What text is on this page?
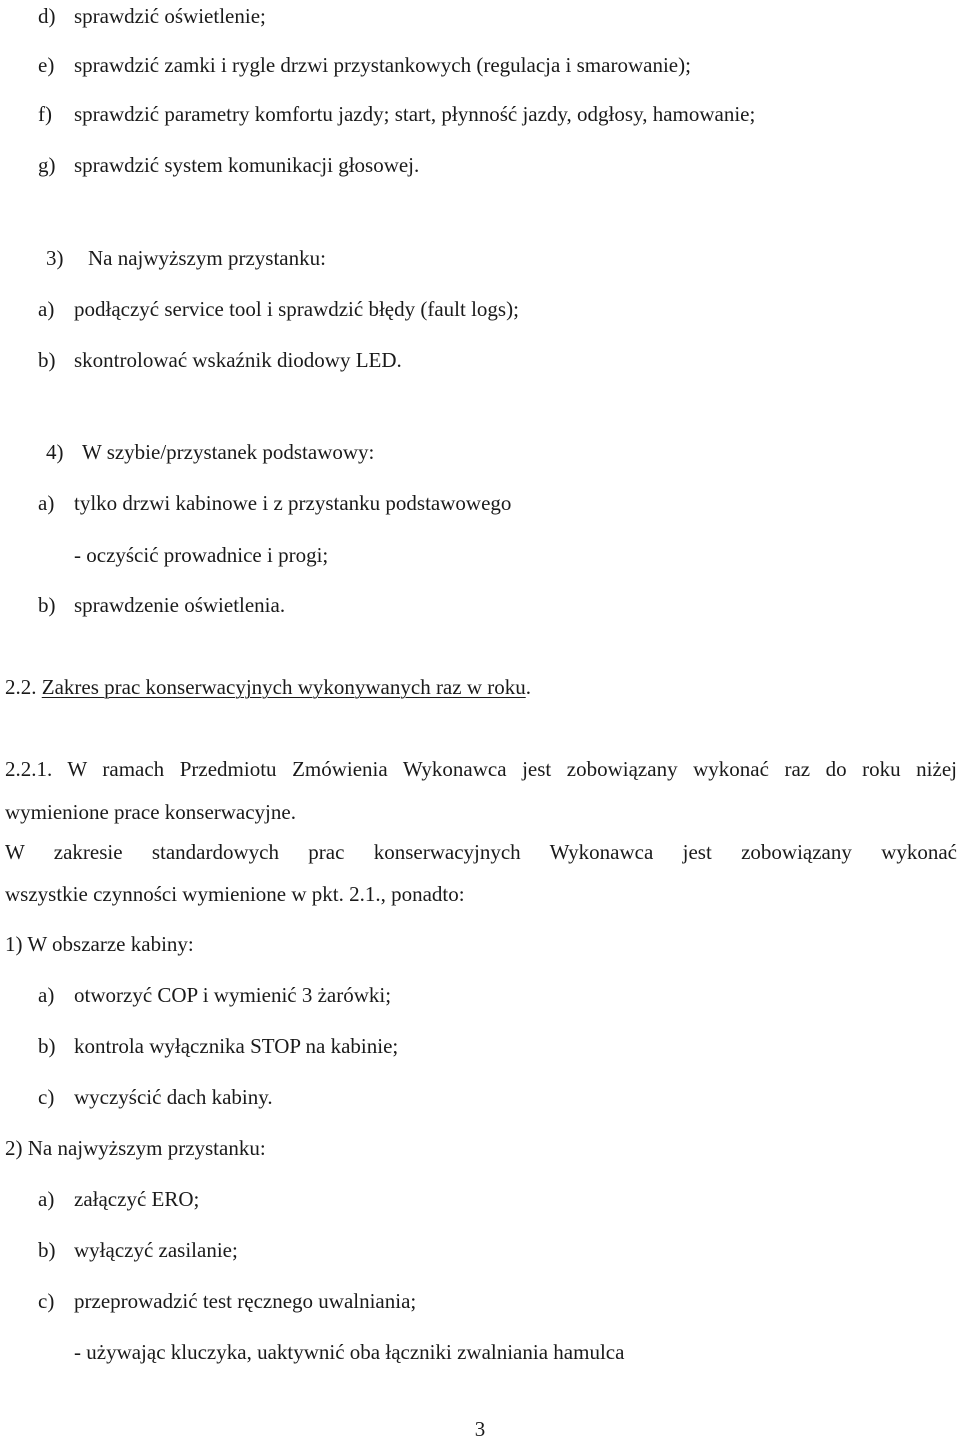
d) sprawdzić oświetlenie;
e) sprawdzić zamki i rygle drzwi przystankowych (regulacja i smarowanie);
f) sprawdzić parametry komfortu jazdy; start, płynność jazdy, odgłosy, hamowanie;
g) sprawdzić system komunikacji głosowej.
3) Na najwyższym przystanku:
a) podłączyć service tool i sprawdzić błędy (fault logs);
b) skontrolować wskaźnik diodowy LED.
4) W szybie/przystanek podstawowy:
a) tylko drzwi kabinowe i z przystanku podstawowego
- oczyścić prowadnice i progi;
b) sprawdzenie oświetlenia.
2.2. Zakres prac konserwacyjnych wykonywanych raz w roku.
2.2.1. W ramach Przedmiotu Zmówienia Wykonawca jest zobowiązany wykonać raz do roku niżej
wymienione prace konserwacyjne.
W zakresie standardowych prac konserwacyjnych Wykonawca jest zobowiązany wykonać
wszystkie czynności wymienione w pkt. 2.1., ponadto:
1) W obszarze kabiny:
a) otworzyć COP i wymienić 3 żarówki;
b) kontrola wyłącznika STOP na kabinie;
c) wyczyścić dach kabiny.
2) Na najwyższym przystanku:
a) załączyć ERO;
b) wyłączyć zasilanie;
c) przeprowadzić test ręcznego uwalniania;
- używając kluczyka, uaktywnić oba łączniki zwalniania hamulca
3
